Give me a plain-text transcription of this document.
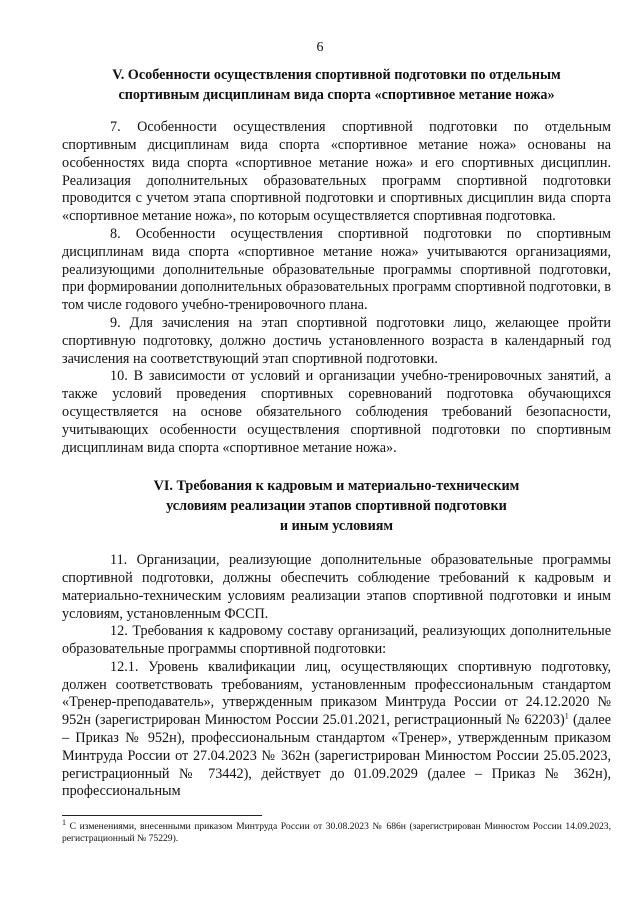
6
V. Особенности осуществления спортивной подготовки по отдельным
спортивным дисциплинам вида спорта «спортивное метание ножа»

7. Особенности осуществления спортивной подготовки по отдельным спортивным дисциплинам вида спорта «спортивное метание ножа» основаны на особенностях вида спорта «спортивное метание ножа» и его спортивных дисциплин. Реализация дополнительных образовательных программ спортивной подготовки проводится с учетом этапа спортивной подготовки и спортивных дисциплин вида спорта «спортивное метание ножа», по которым осуществляется спортивная подготовка.

8. Особенности осуществления спортивной подготовки по спортивным дисциплинам вида спорта «спортивное метание ножа» учитываются организациями, реализующими дополнительные образовательные программы спортивной подготовки, при формировании дополнительных образовательных программ спортивной подготовки, в том числе годового учебно-тренировочного плана.

9. Для зачисления на этап спортивной подготовки лицо, желающее пройти спортивную подготовку, должно достичь установленного возраста в календарный год зачисления на соответствующий этап спортивной подготовки.

10. В зависимости от условий и организации учебно-тренировочных занятий, а также условий проведения спортивных соревнований подготовка обучающихся осуществляется на основе обязательного соблюдения требований безопасности, учитывающих особенности осуществления спортивной подготовки по спортивным дисциплинам вида спорта «спортивное метание ножа».

VI. Требования к кадровым и материально-техническим
условиям реализации этапов спортивной подготовки
и иным условиям

11. Организации, реализующие дополнительные образовательные программы спортивной подготовки, должны обеспечить соблюдение требований к кадровым и материально-техническим условиям реализации этапов спортивной подготовки и иным условиям, установленным ФССП.

12. Требования к кадровому составу организаций, реализующих дополнительные образовательные программы спортивной подготовки:

12.1. Уровень квалификации лиц, осуществляющих спортивную подготовку, должен соответствовать требованиям, установленным профессиональным стандартом «Тренер-преподаватель», утвержденным приказом Минтруда России от 24.12.2020 № 952н (зарегистрирован Минюстом России 25.01.2021, регистрационный № 62203)$^1$ (далее – Приказ № 952н), профессиональным стандартом «Тренер», утвержденным приказом Минтруда России от 27.04.2023 № 362н (зарегистрирован Минюстом России 25.05.2023, регистрационный № 73442), действует до 01.09.2029 (далее – Приказ № 362н), профессиональным

$^1$ С изменениями, внесенными приказом Минтруда России от 30.08.2023 № 686н (зарегистрирован Минюстом России 14.09.2023, регистрационный № 75229).
